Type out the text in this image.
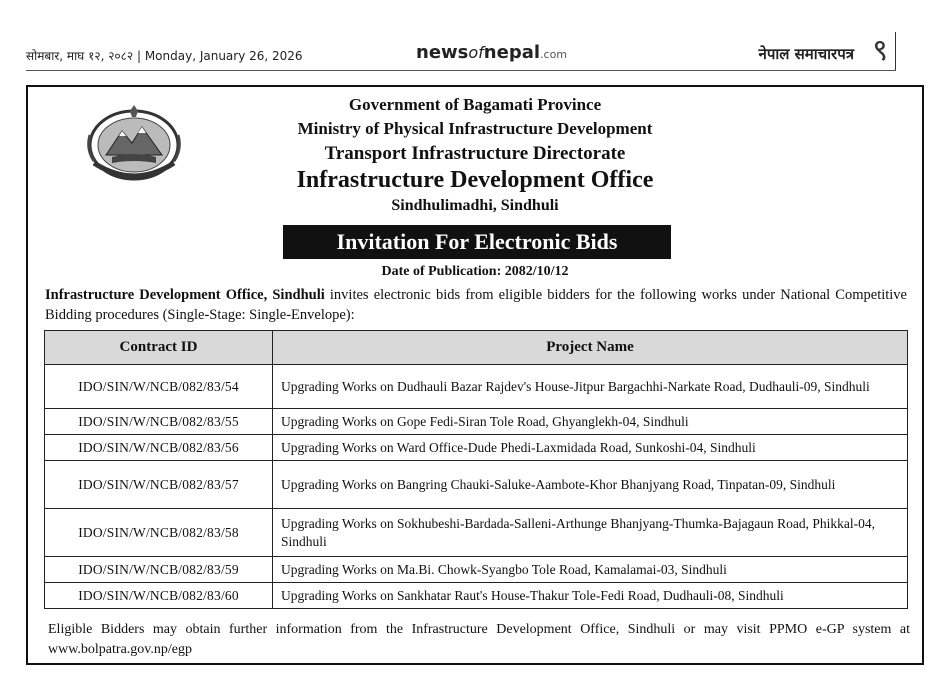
सोमबार, माघ १२, २०८२ | Monday, January 26, 2026	newsofnepal.com	नेपाल समाचारपत्र ९
Government of Bagamati Province
Ministry of Physical Infrastructure Development
Transport Infrastructure Directorate
Infrastructure Development Office
Sindhulimadhi, Sindhuli
Invitation For Electronic Bids
Date of Publication: 2082/10/12

Infrastructure Development Office, Sindhuli invites electronic bids from eligible bidders for the following works under National Competitive Bidding procedures (Single-Stage: Single-Envelope):

Contract ID	Project Name
IDO/SIN/W/NCB/082/83/54	Upgrading Works on Dudhauli Bazar Rajdev's House-Jitpur Bargachhi-Narkate Road, Dudhauli-09, Sindhuli
IDO/SIN/W/NCB/082/83/55	Upgrading Works on Gope Fedi-Siran Tole Road, Ghyanglekh-04, Sindhuli
IDO/SIN/W/NCB/082/83/56	Upgrading Works on Ward Office-Dude Phedi-Laxmidada Road, Sunkoshi-04, Sindhuli
IDO/SIN/W/NCB/082/83/57	Upgrading Works on Bangring Chauki-Saluke-Aambote-Khor Bhanjyang Road, Tinpatan-09, Sindhuli
IDO/SIN/W/NCB/082/83/58	Upgrading Works on Sokhubeshi-Bardada-Salleni-Arthunge Bhanjyang-Thumka-Bajagaun Road, Phikkal-04, Sindhuli
IDO/SIN/W/NCB/082/83/59	Upgrading Works on Ma.Bi. Chowk-Syangbo Tole Road, Kamalamai-03, Sindhuli
IDO/SIN/W/NCB/082/83/60	Upgrading Works on Sankhatar Raut's House-Thakur Tole-Fedi Road, Dudhauli-08, Sindhuli

Eligible Bidders may obtain further information from the Infrastructure Development Office, Sindhuli or may visit PPMO e-GP system at www.bolpatra.gov.np/egp
